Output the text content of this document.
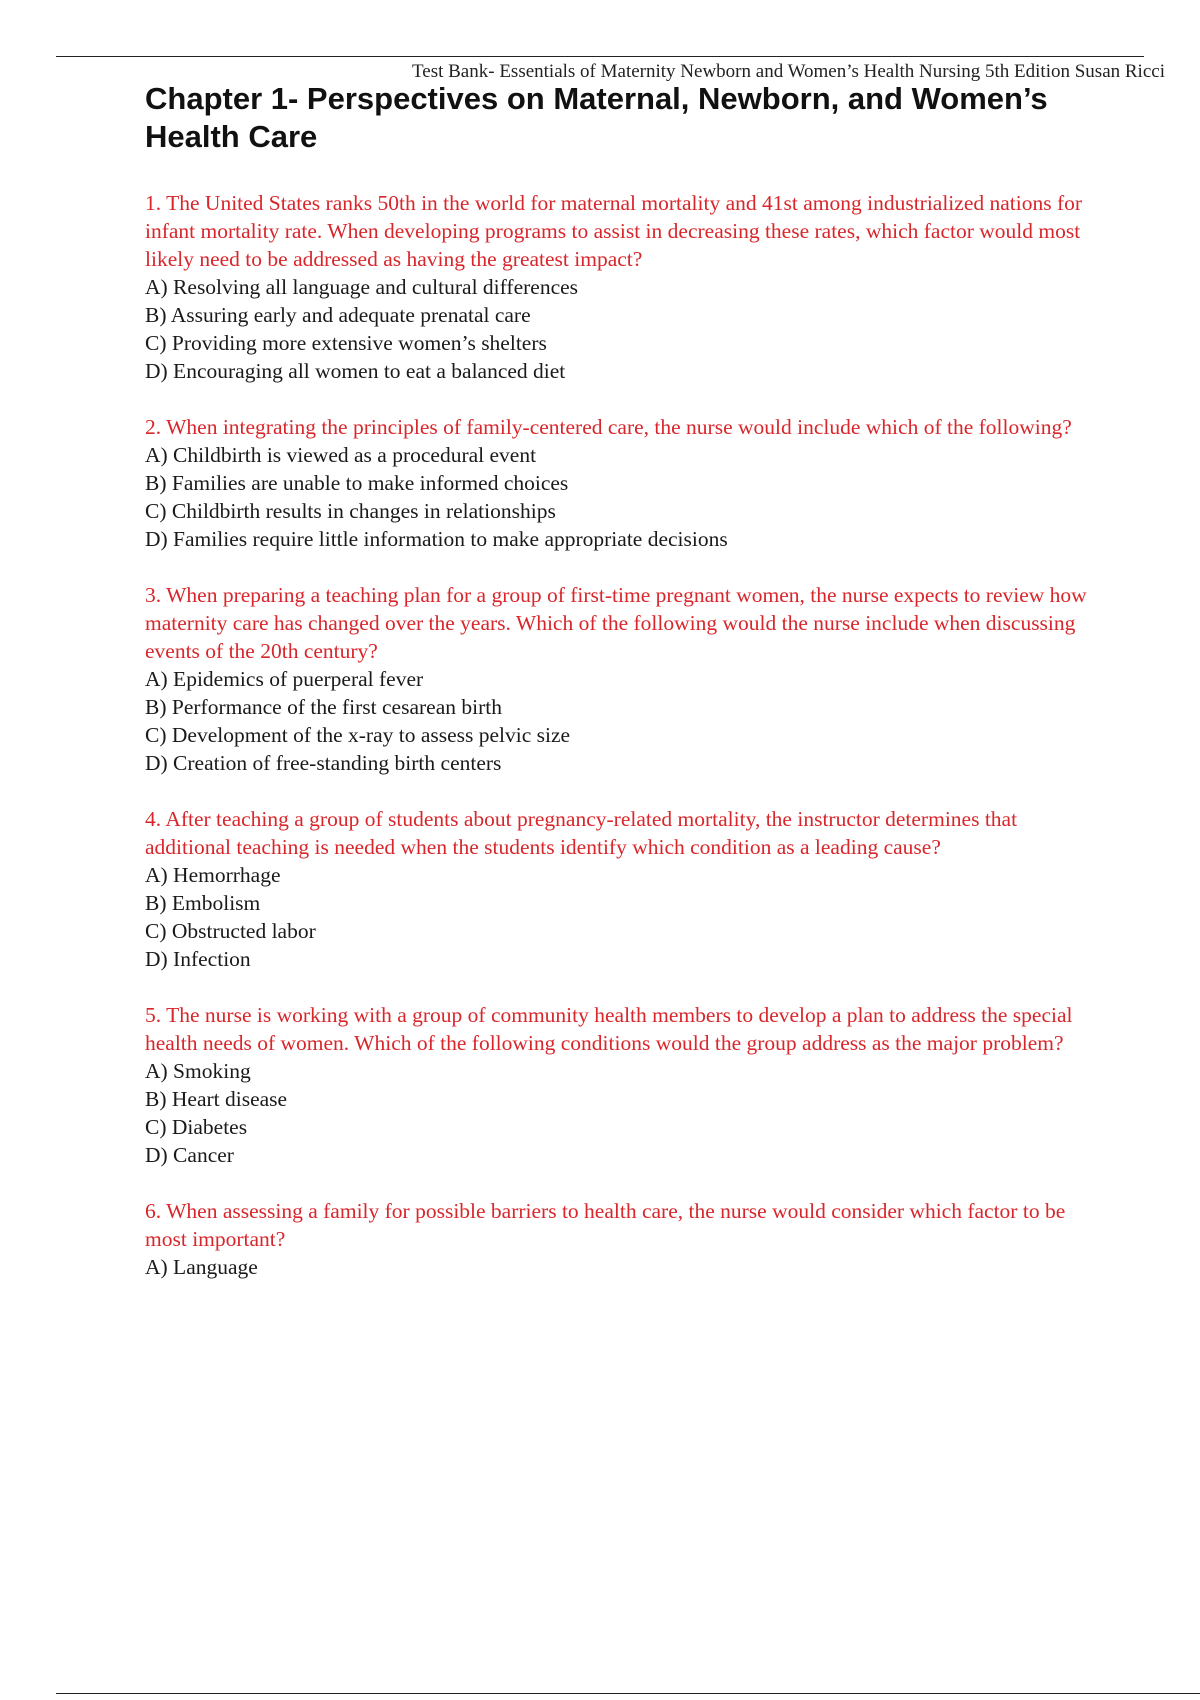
Test Bank- Essentials of Maternity Newborn and Women’s Health Nursing 5th Edition Susan Ricci
Chapter 1- Perspectives on Maternal, Newborn, and Women’s Health Care
1. The United States ranks 50th in the world for maternal mortality and 41st among industrialized nations for infant mortality rate. When developing programs to assist in decreasing these rates, which factor would most likely need to be addressed as having the greatest impact?
A) Resolving all language and cultural differences
B) Assuring early and adequate prenatal care
C) Providing more extensive women’s shelters
D) Encouraging all women to eat a balanced diet
2. When integrating the principles of family-centered care, the nurse would include which of the following?
A) Childbirth is viewed as a procedural event
B) Families are unable to make informed choices
C) Childbirth results in changes in relationships
D) Families require little information to make appropriate decisions
3. When preparing a teaching plan for a group of first-time pregnant women, the nurse expects to review how maternity care has changed over the years. Which of the following would the nurse include when discussing events of the 20th century?
A) Epidemics of puerperal fever
B) Performance of the first cesarean birth
C) Development of the x-ray to assess pelvic size
D) Creation of free-standing birth centers
4. After teaching a group of students about pregnancy-related mortality, the instructor determines that additional teaching is needed when the students identify which condition as a leading cause?
A) Hemorrhage
B) Embolism
C) Obstructed labor
D) Infection
5. The nurse is working with a group of community health members to develop a plan to address the special health needs of women. Which of the following conditions would the group address as the major problem?
A) Smoking
B) Heart disease
C) Diabetes
D) Cancer
6. When assessing a family for possible barriers to health care, the nurse would consider which factor to be most important?
A) Language
